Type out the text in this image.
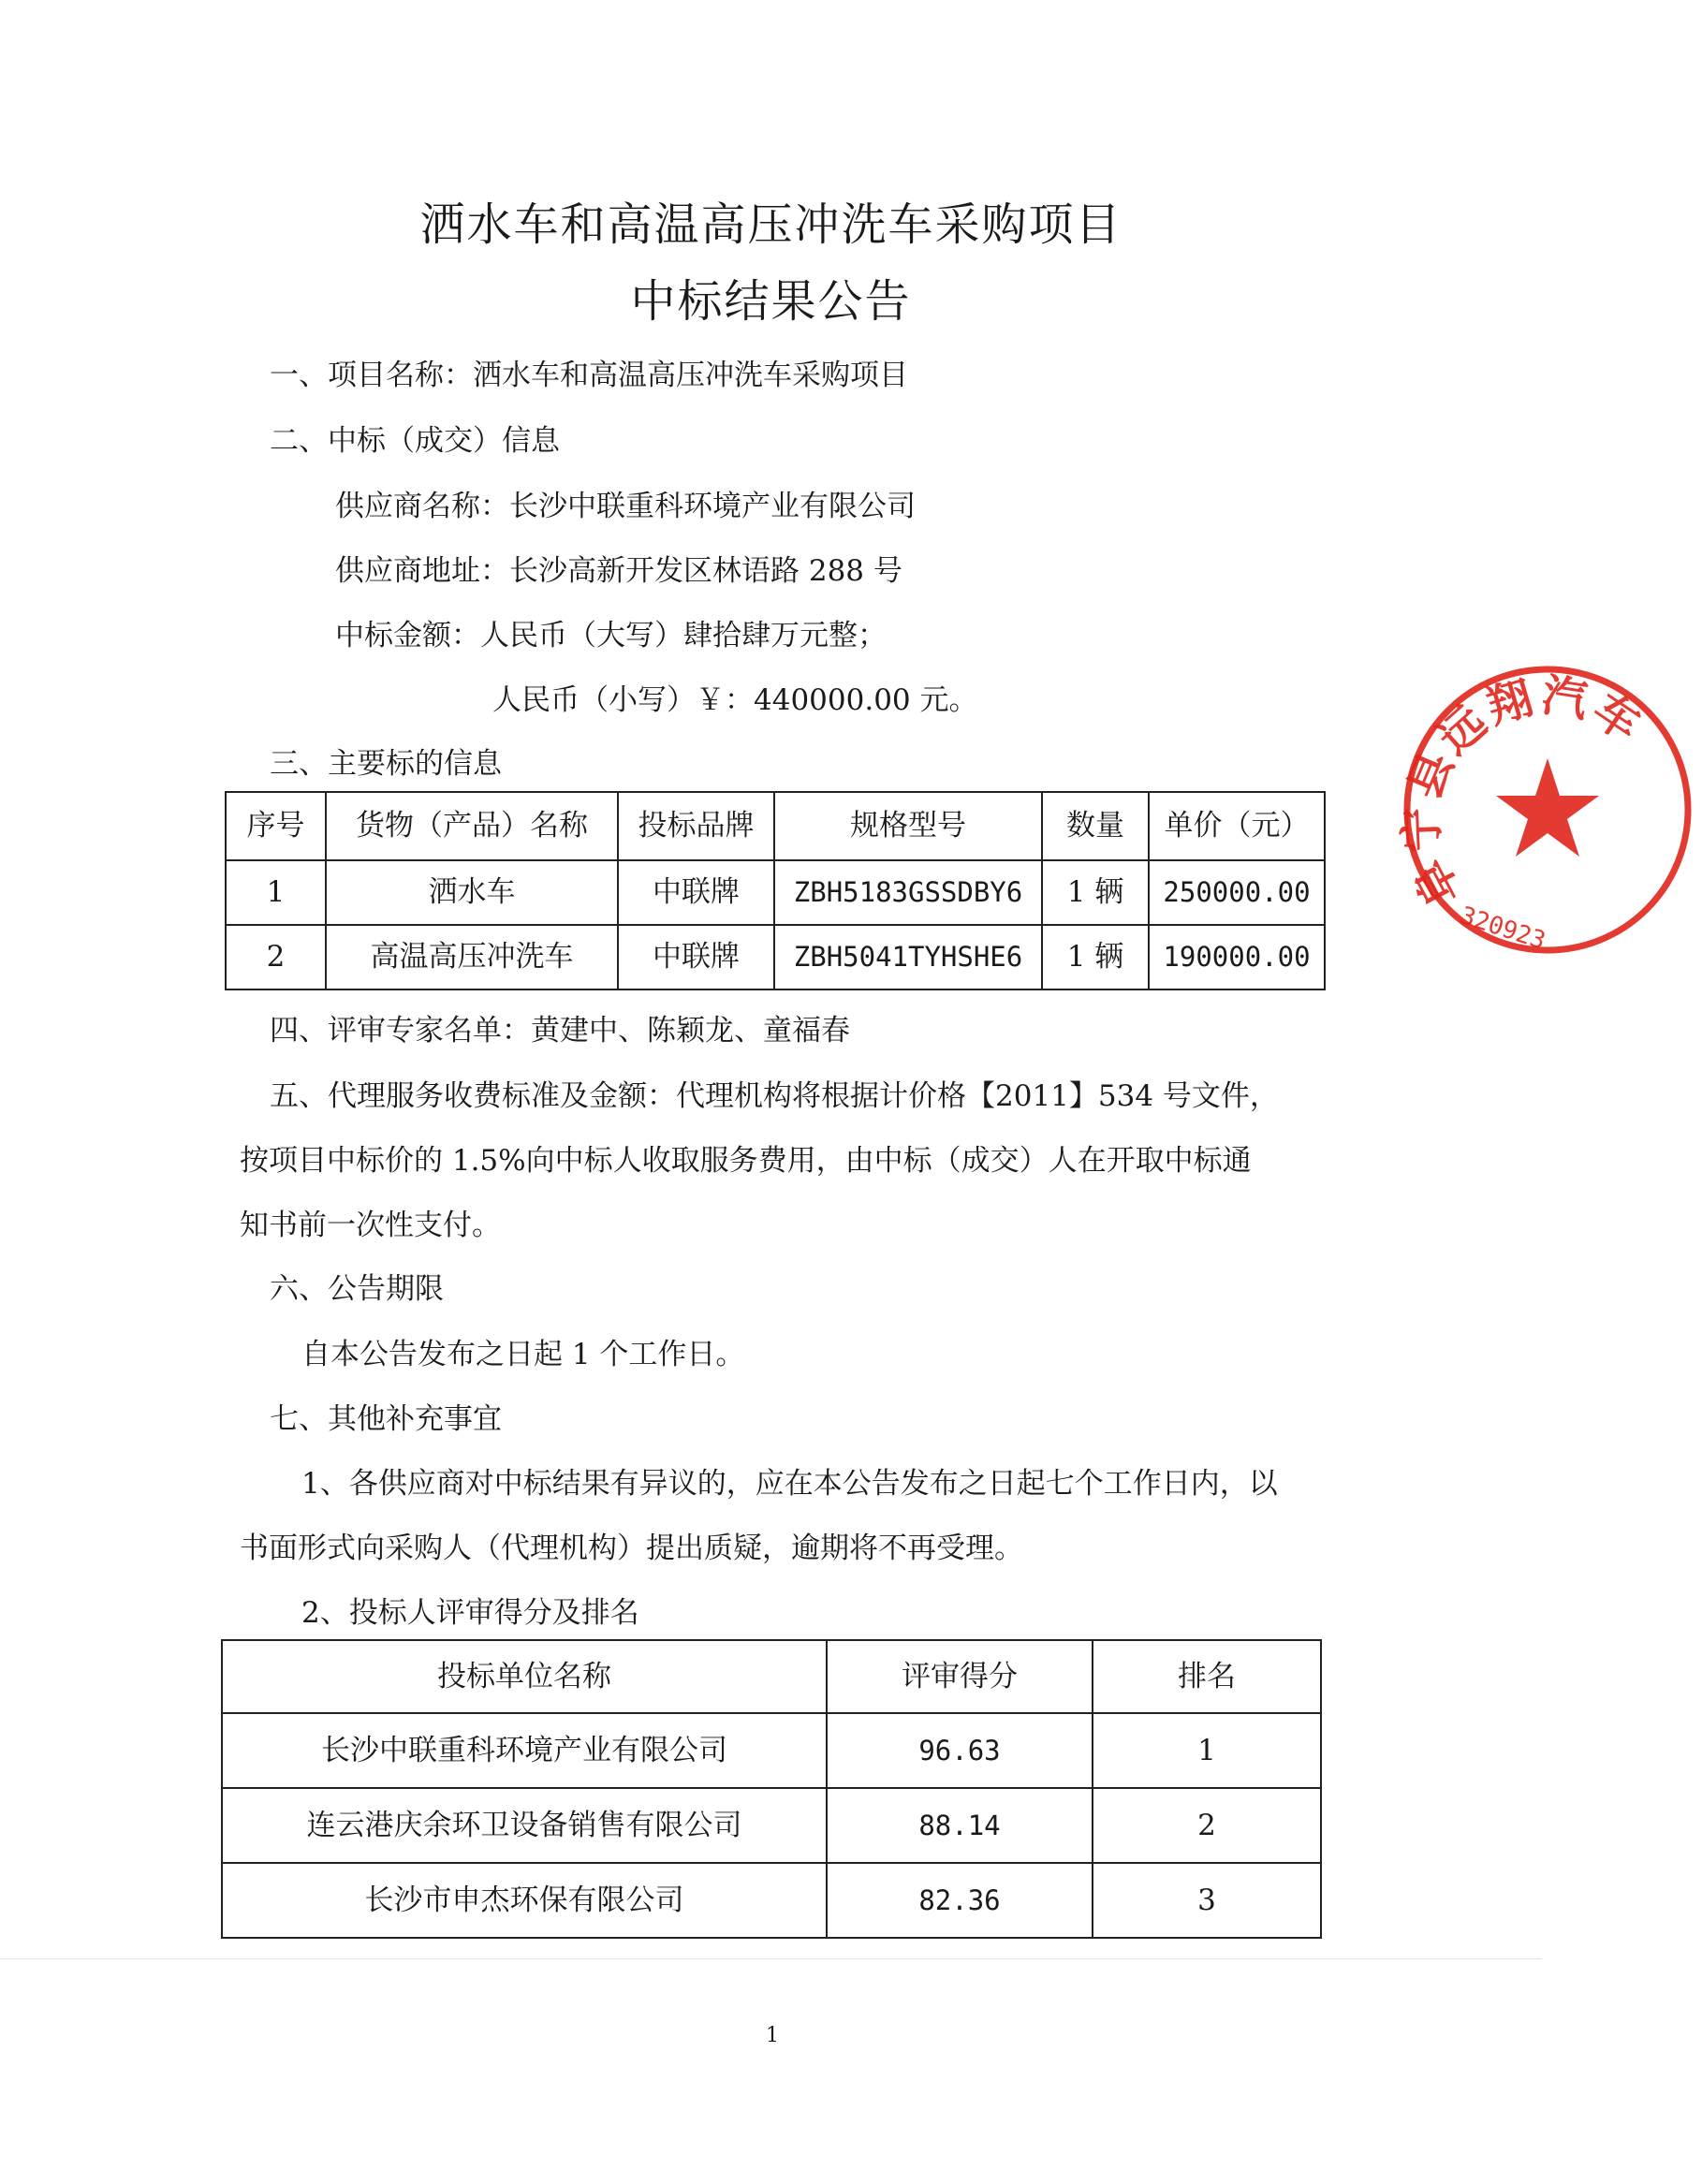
洒水车和高温高压冲洗车采购项目
中标结果公告
一、项目名称：洒水车和高温高压冲洗车采购项目
二、中标（成交）信息
供应商名称：长沙中联重科环境产业有限公司
供应商地址：长沙高新开发区林语路 288 号
中标金额：人民币（大写）肆拾肆万元整；
人民币（小写）￥：440000.00 元。
三、主要标的信息
序号	货物（产品）名称	投标品牌	规格型号	数量	单价（元）
1	洒水车	中联牌	ZBH5183GSSDBY6	1 辆	250000.00
2	高温高压冲洗车	中联牌	ZBH5041TYHSHE6	1 辆	190000.00
四、评审专家名单：黄建中、陈颖龙、童福春
五、代理服务收费标准及金额：代理机构将根据计价格【2011】534 号文件，
按项目中标价的 1.5%向中标人收取服务费用，由中标（成交）人在开取中标通
知书前一次性支付。
六、公告期限
自本公告发布之日起 1 个工作日。
七、其他补充事宜
1、各供应商对中标结果有异议的，应在本公告发布之日起七个工作日内，以
书面形式向采购人（代理机构）提出质疑，逾期将不再受理。
2、投标人评审得分及排名
投标单位名称	评审得分	排名
长沙中联重科环境产业有限公司	96.63	1
连云港庆余环卫设备销售有限公司	88.14	2
长沙市申杰环保有限公司	82.36	3
阜宁县远翔汽车
320923
1
